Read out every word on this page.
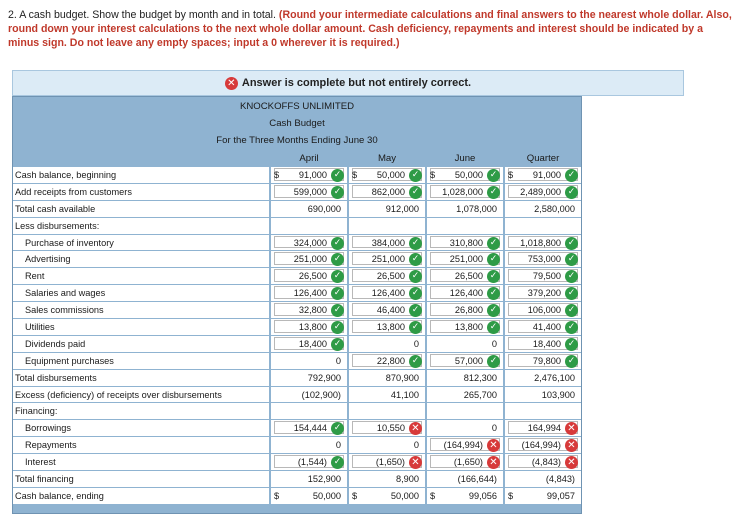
2. A cash budget. Show the budget by month and in total. (Round your intermediate calculations and final answers to the nearest whole dollar. Also, round down your interest calculations to the next whole dollar amount. Cash deficiency, repayments and interest should be indicated by a minus sign. Do not leave any empty spaces; input a 0 wherever it is required.)
✕ Answer is complete but not entirely correct.
KNOCKOFFS UNLIMITED
Cash Budget
For the Three Months Ending June 30
April	May	June	Quarter
Cash balance, beginning	$ 91,000 ✓ $ 50,000 ✓ $ 50,000 ✓ $ 91,000 ✓
Add receipts from customers	599,000 ✓	862,000 ✓ 1,028,000 ✓ 2,489,000 ✓
Total cash available	690,000	912,000	1,078,000	2,580,000
Less disbursements:
Purchase of inventory	324,000 ✓	384,000 ✓	310,800 ✓ 1,018,800 ✓
Advertising	251,000 ✓	251,000 ✓	251,000 ✓	753,000 ✓
Rent	26,500 ✓	26,500 ✓	26,500 ✓	79,500 ✓
Salaries and wages	126,400 ✓	126,400 ✓	126,400 ✓	379,200 ✓
Sales commissions	32,800 ✓	46,400 ✓	26,800 ✓	106,000 ✓
Utilities	13,800 ✓	13,800 ✓	13,800 ✓	41,400 ✓
Dividends paid	18,400 ✓	0	0	18,400 ✓
Equipment purchases	0	22,800 ✓	57,000 ✓	79,800 ✓
Total disbursements	792,900	870,900	812,300	2,476,100
Excess (deficiency) of receipts over disbursements	(102,900)	41,100	265,700	103,900
Financing:
Borrowings	154,444 ✓	10,550 ✕	0	164,994 ✕
Repayments	0	0	(164,994) ✕	(164,994) ✕
Interest	(1,544) ✓	(1,650) ✕	(1,650) ✕	(4,843) ✕
Total financing	152,900	8,900	(166,644)	(4,843)
Cash balance, ending	$	50,000 $	50,000 $	99,056 $	99,057
